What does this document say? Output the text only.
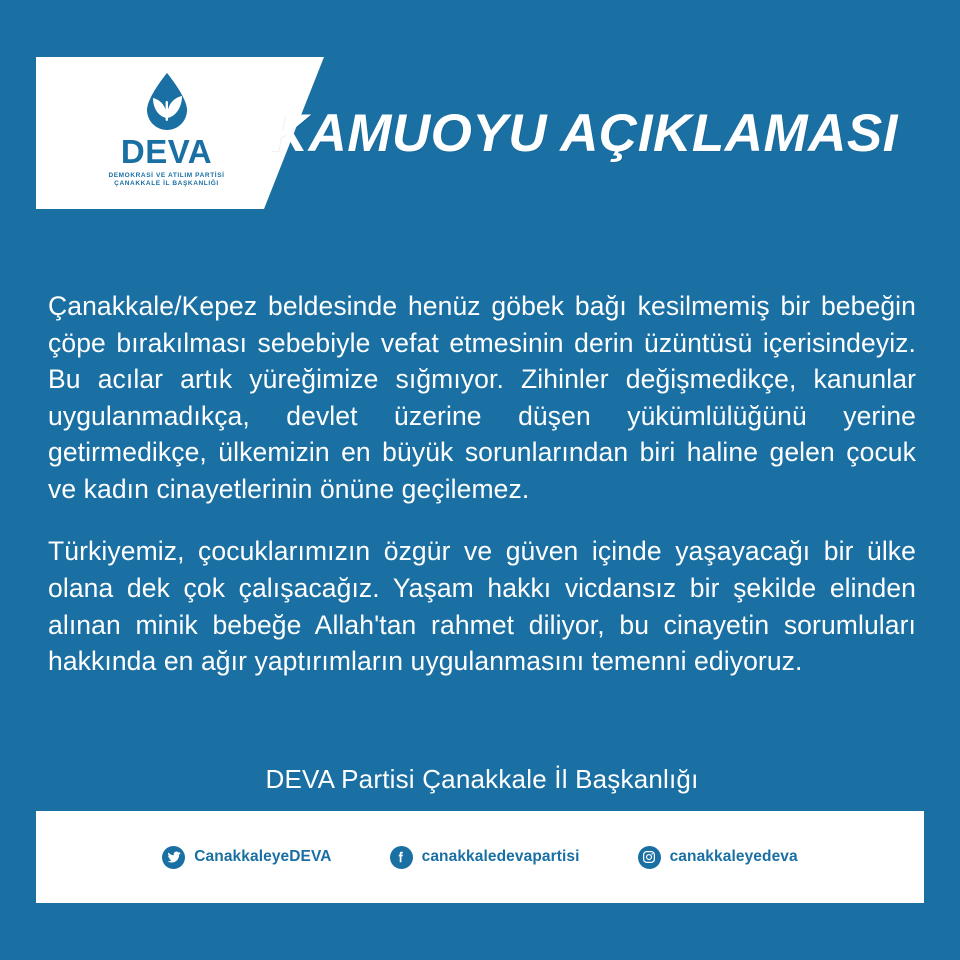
DEVA
DEMOKRASİ VE ATILIM PARTİSİ
ÇANAKKALE İL BAŞKANLIĞI
KAMUOYU AÇIKLAMASI

Çanakkale/Kepez beldesinde henüz göbek bağı kesilmemiş bir bebeğin çöpe bırakılması sebebiyle vefat etmesinin derin üzüntüsü içerisindeyiz. Bu acılar artık yüreğimize sığmıyor. Zihinler değişmedikçe, kanunlar uygulanmadıkça, devlet üzerine düşen yükümlülüğünü yerine getirmedikçe, ülkemizin en büyük sorunlarından biri haline gelen çocuk ve kadın cinayetlerinin önüne geçilemez.

Türkiyemiz, çocuklarımızın özgür ve güven içinde yaşayacağı bir ülke olana dek çok çalışacağız. Yaşam hakkı vicdansız bir şekilde elinden alınan minik bebeğe Allah'tan rahmet diliyor, bu cinayetin sorumluları hakkında en ağır yaptırımların uygulanmasını temenni ediyoruz.

DEVA Partisi Çanakkale İl Başkanlığı
CanakkaleyeDEVA	canakkaledevapartisi	canakkaleyedeva
